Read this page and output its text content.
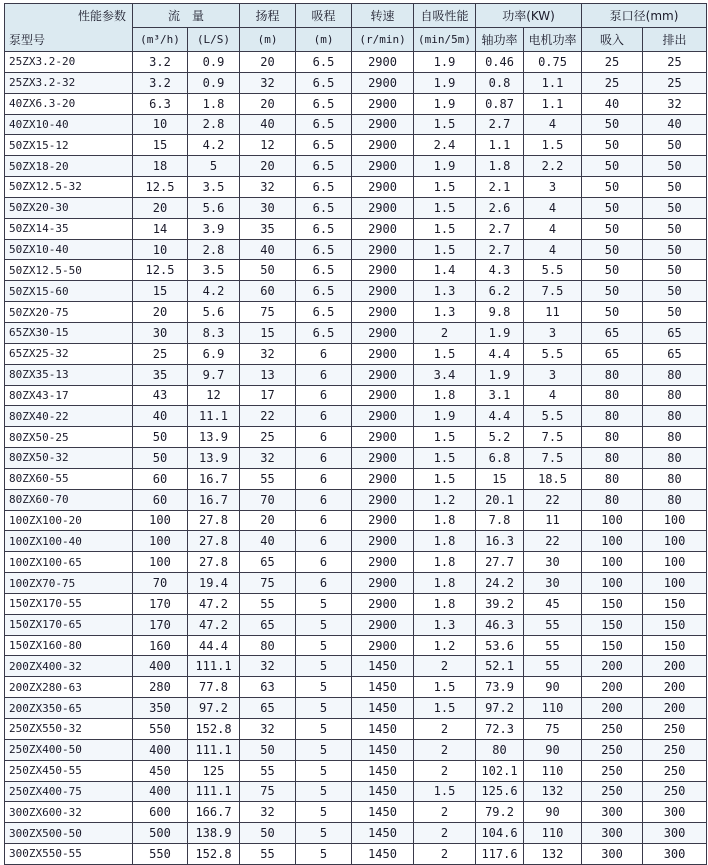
性能参数
泵型号	流　量		扬程	吸程	转速	自吸性能	功率(KW)		泵口径(mm)	
	(m³/h)	(L/S)	(m)	(m)	(r/min)	(min/5m)	轴功率	电机功率	吸入	排出
25ZX3.2-20	3.2	0.9	20	6.5	2900	1.9	0.46	0.75	25	25
25ZX3.2-32	3.2	0.9	32	6.5	2900	1.9	0.8	1.1	25	25
40ZX6.3-20	6.3	1.8	20	6.5	2900	1.9	0.87	1.1	40	32
40ZX10-40	10	2.8	40	6.5	2900	1.5	2.7	4	50	40
50ZX15-12	15	4.2	12	6.5	2900	2.4	1.1	1.5	50	50
50ZX18-20	18	5	20	6.5	2900	1.9	1.8	2.2	50	50
50ZX12.5-32	12.5	3.5	32	6.5	2900	1.5	2.1	3	50	50
50ZX20-30	20	5.6	30	6.5	2900	1.5	2.6	4	50	50
50ZX14-35	14	3.9	35	6.5	2900	1.5	2.7	4	50	50
50ZX10-40	10	2.8	40	6.5	2900	1.5	2.7	4	50	50
50ZX12.5-50	12.5	3.5	50	6.5	2900	1.4	4.3	5.5	50	50
50ZX15-60	15	4.2	60	6.5	2900	1.3	6.2	7.5	50	50
50ZX20-75	20	5.6	75	6.5	2900	1.3	9.8	11	50	50
65ZX30-15	30	8.3	15	6.5	2900	2	1.9	3	65	65
65ZX25-32	25	6.9	32	6	2900	1.5	4.4	5.5	65	65
80ZX35-13	35	9.7	13	6	2900	3.4	1.9	3	80	80
80ZX43-17	43	12	17	6	2900	1.8	3.1	4	80	80
80ZX40-22	40	11.1	22	6	2900	1.9	4.4	5.5	80	80
80ZX50-25	50	13.9	25	6	2900	1.5	5.2	7.5	80	80
80ZX50-32	50	13.9	32	6	2900	1.5	6.8	7.5	80	80
80ZX60-55	60	16.7	55	6	2900	1.5	15	18.5	80	80
80ZX60-70	60	16.7	70	6	2900	1.2	20.1	22	80	80
100ZX100-20	100	27.8	20	6	2900	1.8	7.8	11	100	100
100ZX100-40	100	27.8	40	6	2900	1.8	16.3	22	100	100
100ZX100-65	100	27.8	65	6	2900	1.8	27.7	30	100	100
100ZX70-75	70	19.4	75	6	2900	1.8	24.2	30	100	100
150ZX170-55	170	47.2	55	5	2900	1.8	39.2	45	150	150
150ZX170-65	170	47.2	65	5	2900	1.3	46.3	55	150	150
150ZX160-80	160	44.4	80	5	2900	1.2	53.6	55	150	150
200ZX400-32	400	111.1	32	5	1450	2	52.1	55	200	200
200ZX280-63	280	77.8	63	5	1450	1.5	73.9	90	200	200
200ZX350-65	350	97.2	65	5	1450	1.5	97.2	110	200	200
250ZX550-32	550	152.8	32	5	1450	2	72.3	75	250	250
250ZX400-50	400	111.1	50	5	1450	2	80	90	250	250
250ZX450-55	450	125	55	5	1450	2	102.1	110	250	250
250ZX400-75	400	111.1	75	5	1450	1.5	125.6	132	250	250
300ZX600-32	600	166.7	32	5	1450	2	79.2	90	300	300
300ZX500-50	500	138.9	50	5	1450	2	104.6	110	300	300
300ZX550-55	550	152.8	55	5	1450	2	117.6	132	300	300
